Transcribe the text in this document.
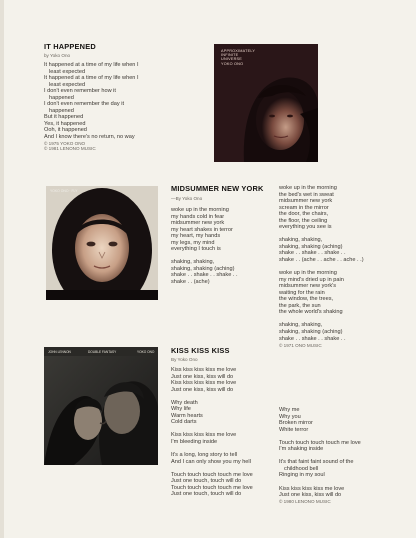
IT HAPPENED
by Yoko Ono
It happened at a time of my life when I
least expected
It happened at a time of my life when I
least expected
I don't even remember how it
happened
I don't even remember the day it
happened
But it happened
Yes, it happened
Ooh, it happened
And I know there's no return, no way
© 1975 YOKO ONO
© 1981 LENONO MUSIC
APPROXIMATELY
INFINITE
UNIVERSE
YOKO ONO
MIDSUMMER NEW YORK
—By Yoko Ono
woke up in the morning
my hands cold in fear
midsummer new york
my heart shakes in terror
my heart, my hands
my legs, my mind
everything I touch is
shaking, shaking,
shaking, shaking (aching)
shake . . shake . . shake . .
shake . . (ache)
woke up in the morning
the bed's wet in sweat
midsummer new york
scream in the mirror
the door, the chairs,
the floor, the ceiling
everything you see is
shaking, shaking,
shaking, shaking (aching)
shake . . shake . . shake . .
shake . . (ache . . ache . . ache . .)
woke up in the morning
my mind's dried up in pain
midsummer new york's
waiting for the rain
the window, the trees,
the park, the sun
the whole world's shaking
shaking, shaking,
shaking, shaking (aching)
shake . . shake . . shake . .
© 1971 ONO MUSIC
YOKO ONO · FLY
KISS KISS KISS
By Yoko Ono
Kiss kiss kiss kiss me love
Just one kiss, kiss will do
Kiss kiss kiss kiss me love
Just one kiss, kiss will do
Why death
Why life
Warm hearts
Cold darts
Kiss kiss kiss kiss me love
I'm bleeding inside
It's a long, long story to tell
And I can only show you my hell
Touch touch touch touch me love
Just one touch, touch will do
Touch touch touch touch me love
Just one touch, touch will do
Why me
Why you
Broken mirror
White terror
Touch touch touch touch me love
I'm shaking inside
It's that faint faint sound of the
childhood bell
Ringing in my soul
Kiss kiss kiss kiss me love
Just one kiss, kiss will do
© 1980 LENONO MUSIC
JOHN LENNON	DOUBLE FANTASY	YOKO ONO
